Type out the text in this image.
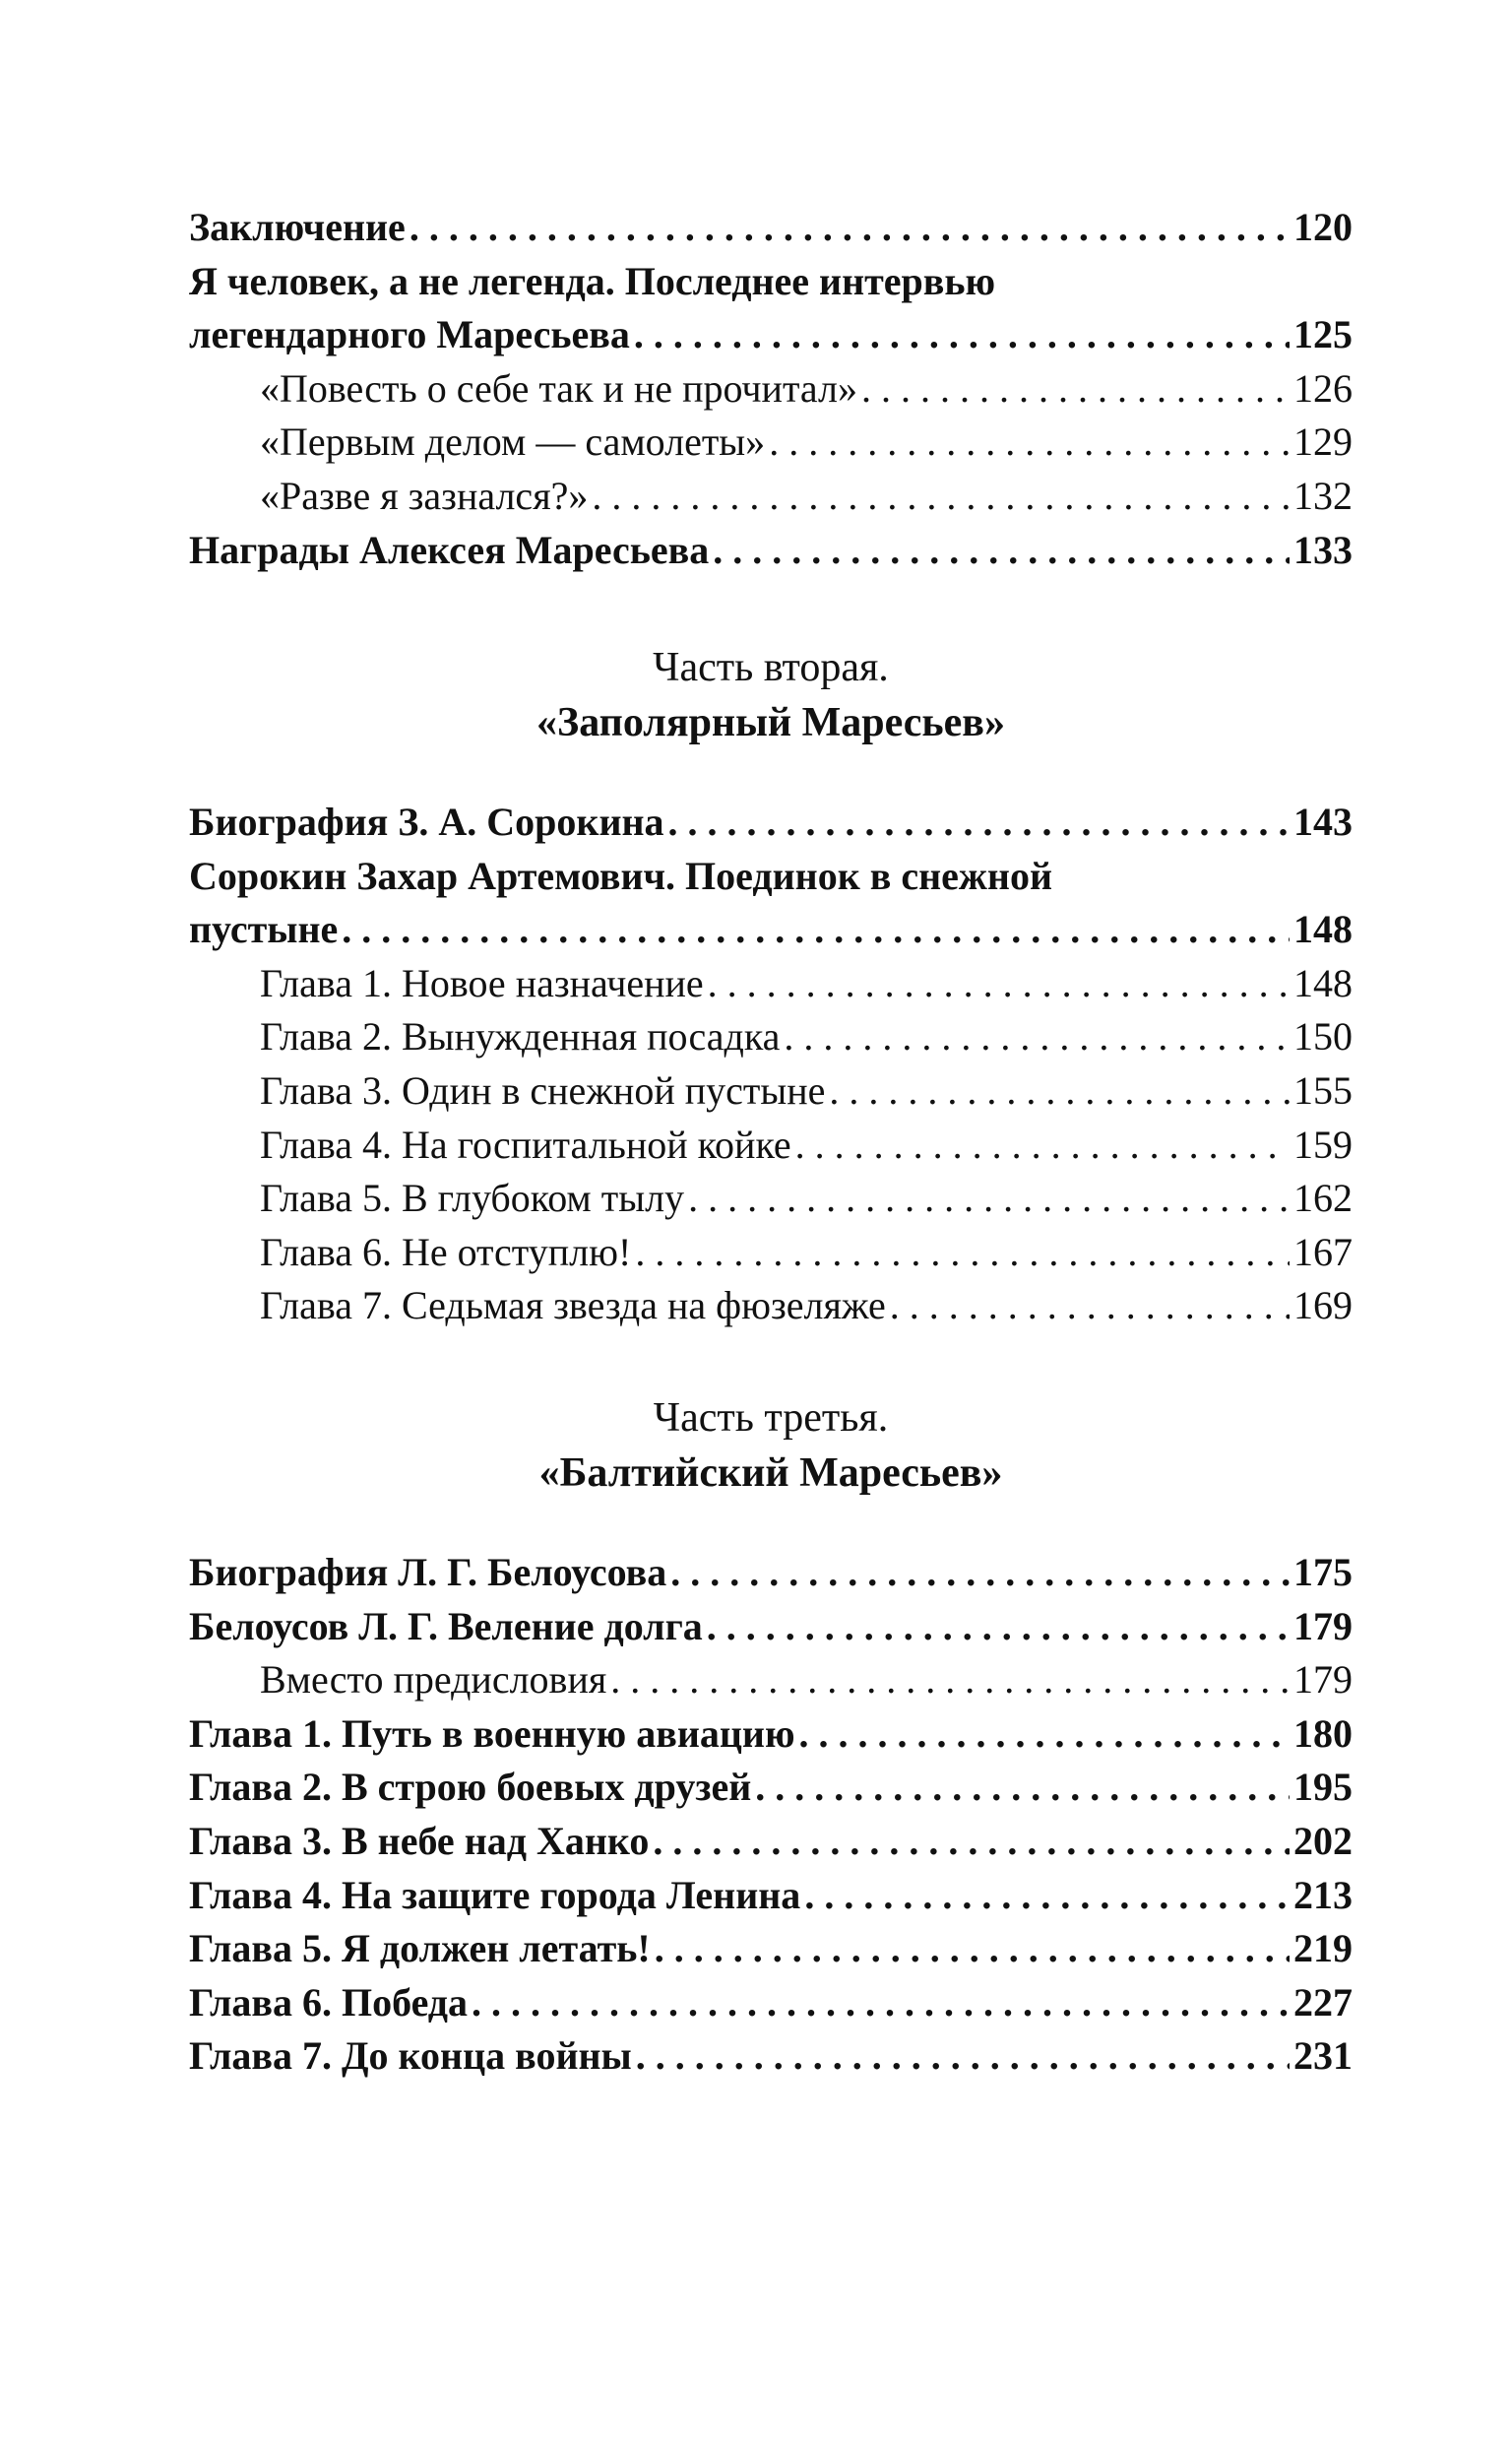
Заключение . . .	120
Я человек, а не легенда. Последнее интервью
легендарного Маресьева . . .	125
«Повесть о себе так и не прочитал» . . .	126
«Первым делом — самолеты» . . .	129
«Разве я зазнался?» . . .	132
Награды Алексея Маресьева . . .	133
Часть вторая.
«Заполярный Маресьев»
Биография З. А. Сорокина . . .	143
Сорокин Захар Артемович. Поединок в снежной
пустыне . . .	148
Глава 1. Новое назначение . . .	148
Глава 2. Вынужденная посадка . . .	150
Глава 3. Один в снежной пустыне . . .	155
Глава 4. На госпитальной койке . . .	159
Глава 5. В глубоком тылу . . .	162
Глава 6. Не отступлю! . . .	167
Глава 7. Седьмая звезда на фюзеляже . . .	169
Часть третья.
«Балтийский Маресьев»
Биография Л. Г. Белоусова . . .	175
Белоусов Л. Г. Веление долга . . .	179
Вместо предисловия . . .	179
Глава 1. Путь в военную авиацию . . .	180
Глава 2. В строю боевых друзей . . .	195
Глава 3. В небе над Ханко . . .	202
Глава 4. На защите города Ленина . . .	213
Глава 5. Я должен летать! . . .	219
Глава 6. Победа . . .	227
Глава 7. До конца войны . . .	231
